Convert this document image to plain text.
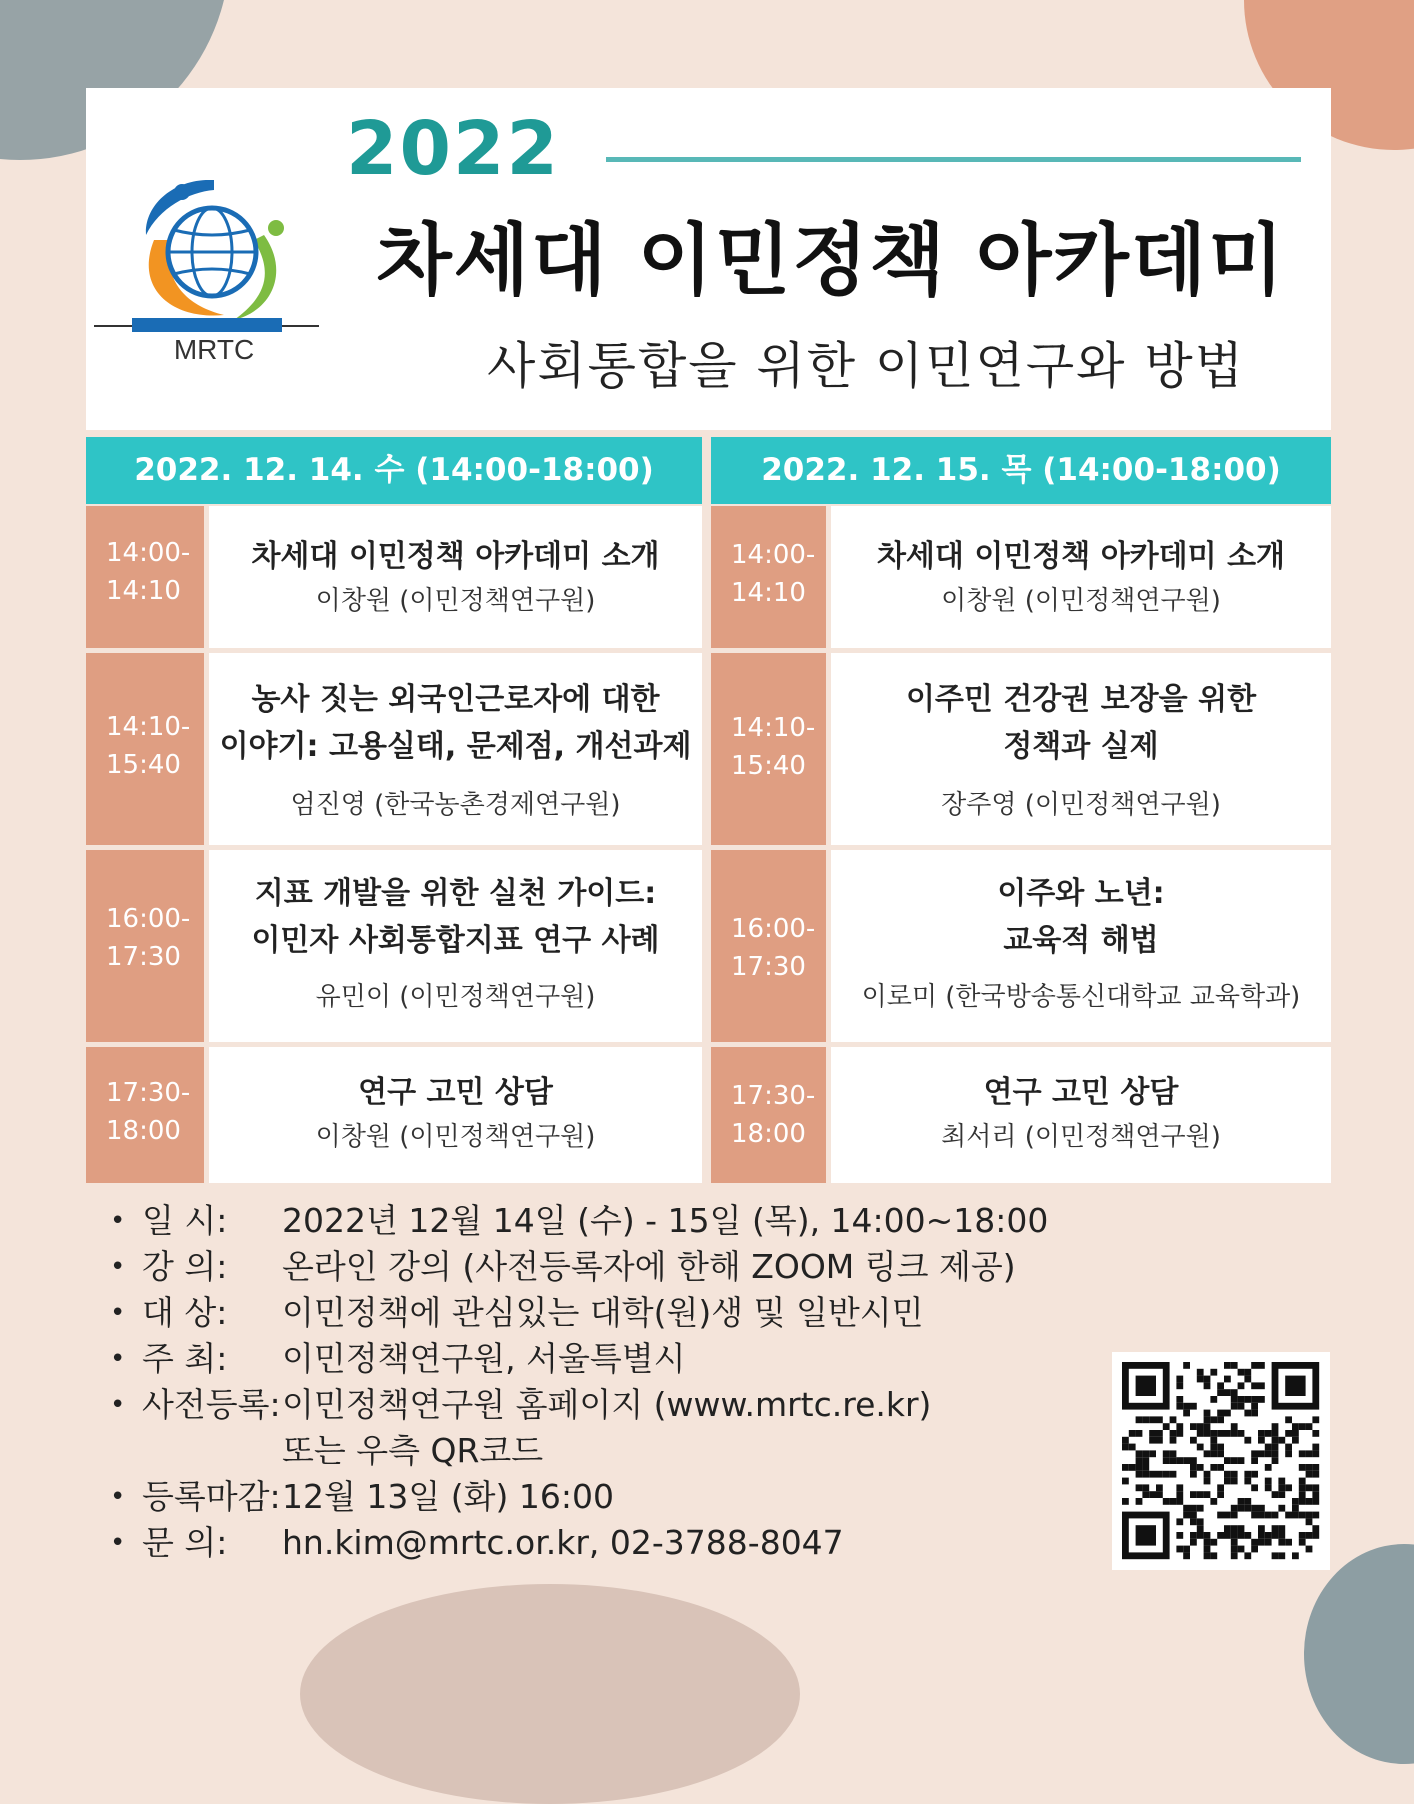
MRTC
2022
차세대 이민정책 아카데미
사회통합을 위한 이민연구와 방법
2022. 12. 14. 수 (14:00-18:00)	2022. 12. 15. 목 (14:00-18:00)
14:00-
14:10
차세대 이민정책 아카데미 소개
이창원 (이민정책연구원)
14:10-
15:40
농사 짓는 외국인근로자에 대한
이야기: 고용실태, 문제점, 개선과제
엄진영 (한국농촌경제연구원)
16:00-
17:30
지표 개발을 위한 실천 가이드:
이민자 사회통합지표 연구 사례
유민이 (이민정책연구원)
17:30-
18:00
연구 고민 상담
이창원 (이민정책연구원)
14:00-
14:10
차세대 이민정책 아카데미 소개
이창원 (이민정책연구원)
14:10-
15:40
이주민 건강권 보장을 위한
정책과 실제
장주영 (이민정책연구원)
16:00-
17:30
이주와 노년:
교육적 해법
이로미 (한국방송통신대학교 교육학과)
17:30-
18:00
연구 고민 상담
최서리 (이민정책연구원)
• 일 시: 2022년 12월 14일 (수) - 15일 (목), 14:00~18:00
• 강 의: 온라인 강의 (사전등록자에 한해 ZOOM 링크 제공)
• 대 상: 이민정책에 관심있는 대학(원)생 및 일반시민
• 주 최: 이민정책연구원, 서울특별시
• 사전등록:이민정책연구원 홈페이지 (www.mrtc.re.kr)
또는 우측 QR코드
• 등록마감:12월 13일 (화) 16:00
• 문 의: hn.kim@mrtc.or.kr, 02-3788-8047
